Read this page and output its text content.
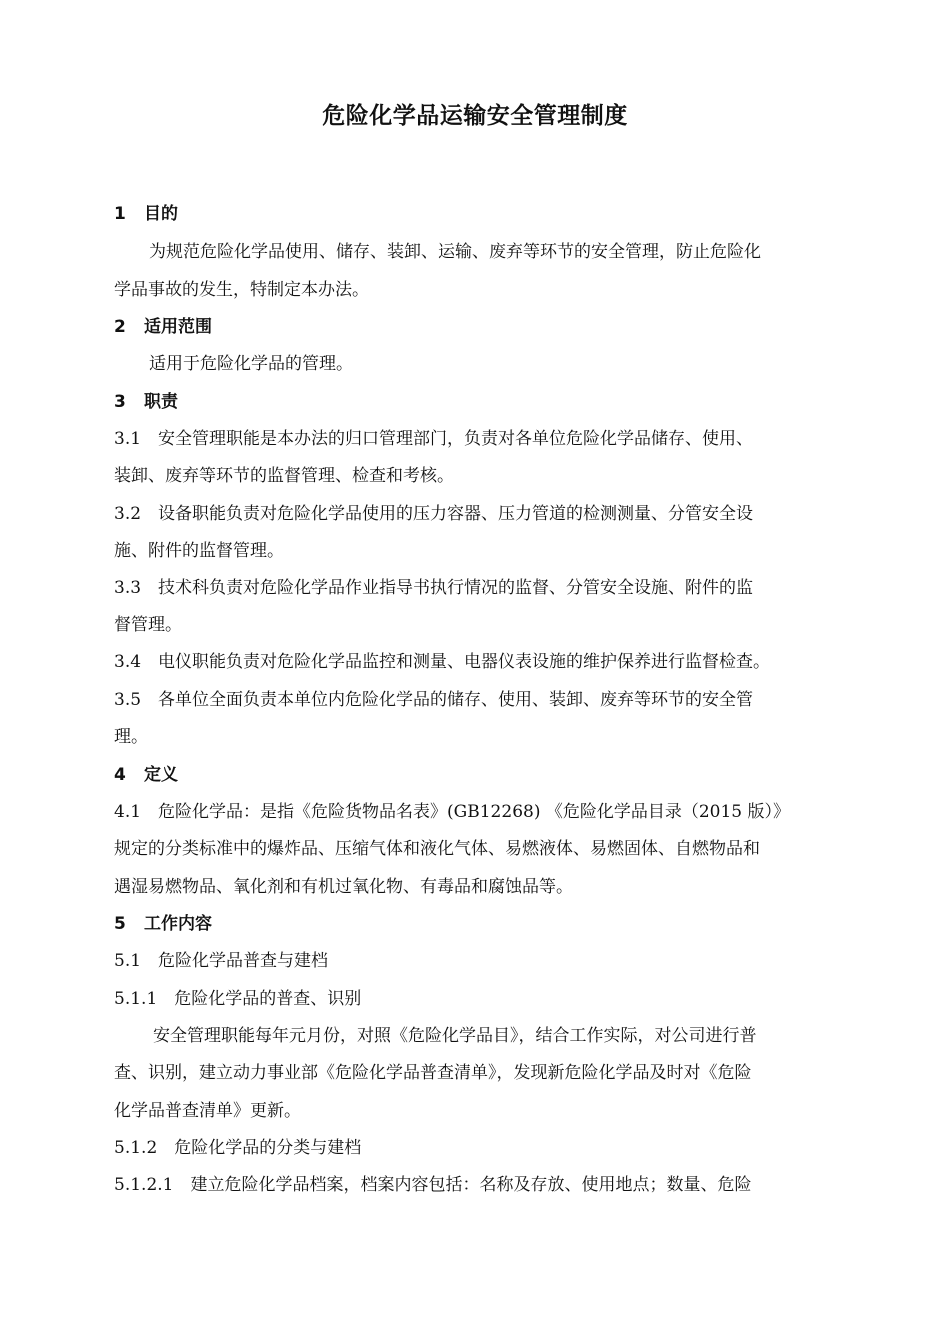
危险化学品运输安全管理制度
1 目的
为规范危险化学品使用、储存、装卸、运输、废弃等环节的安全管理，防止危险化
学品事故的发生，特制定本办法。
2 适用范围
适用于危险化学品的管理。
3 职责
3.1　安全管理职能是本办法的归口管理部门，负责对各单位危险化学品储存、使用、
装卸、废弃等环节的监督管理、检查和考核。
3.2　设备职能负责对危险化学品使用的压力容器、压力管道的检测测量、分管安全设
施、附件的监督管理。
3.3　技术科负责对危险化学品作业指导书执行情况的监督、分管安全设施、附件的监
督管理。
3.4　电仪职能负责对危险化学品监控和测量、电器仪表设施的维护保养进行监督检查。
3.5　各单位全面负责本单位内危险化学品的储存、使用、装卸、废弃等环节的安全管
理。
4 定义
4.1　危险化学品：是指《危险货物品名表》(GB12268) 《危险化学品目录（2015 版）》
规定的分类标准中的爆炸品、压缩气体和液化气体、易燃液体、易燃固体、自燃物品和
遇湿易燃物品、氧化剂和有机过氧化物、有毒品和腐蚀品等。
5 工作内容
5.1　危险化学品普查与建档
5.1.1　危险化学品的普查、识别
安全管理职能每年元月份，对照《危险化学品目》，结合工作实际，对公司进行普
查、识别，建立动力事业部《危险化学品普查清单》，发现新危险化学品及时对《危险
化学品普查清单》更新。
5.1.2　危险化学品的分类与建档
5.1.2.1　建立危险化学品档案，档案内容包括：名称及存放、使用地点；数量、危险
